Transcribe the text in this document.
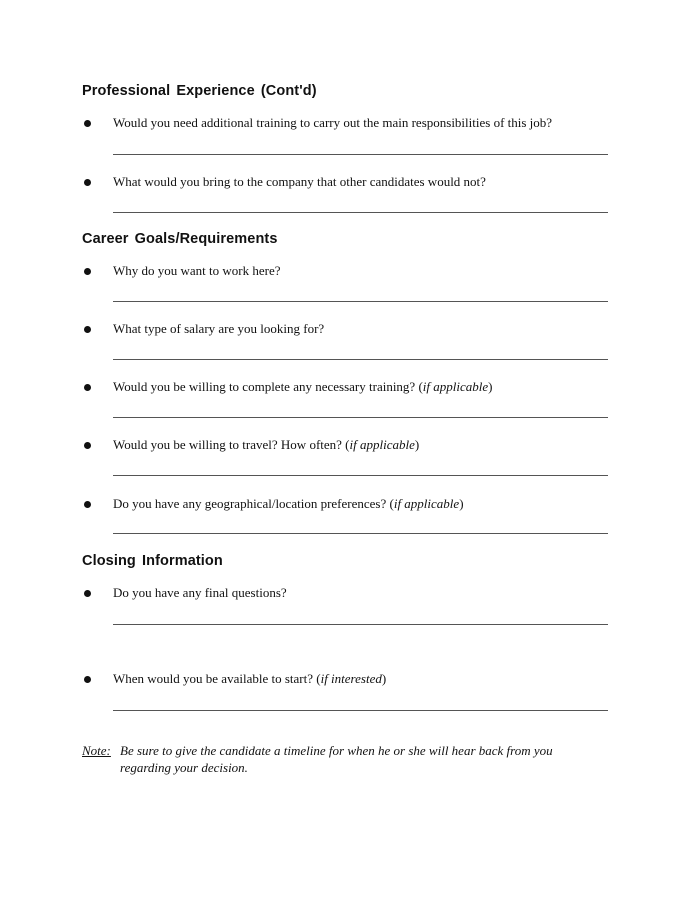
Professional Experience (Cont'd)
Would you need additional training to carry out the main responsibilities of this job?
What would you bring to the company that other candidates would not?
Career Goals/Requirements
Why do you want to work here?
What type of salary are you looking for?
Would you be willing to complete any necessary training? (if applicable)
Would you be willing to travel? How often? (if applicable)
Do you have any geographical/location preferences? (if applicable)
Closing Information
Do you have any final questions?
When would you be available to start? (if interested)
Note: Be sure to give the candidate a timeline for when he or she will hear back from you regarding your decision.
